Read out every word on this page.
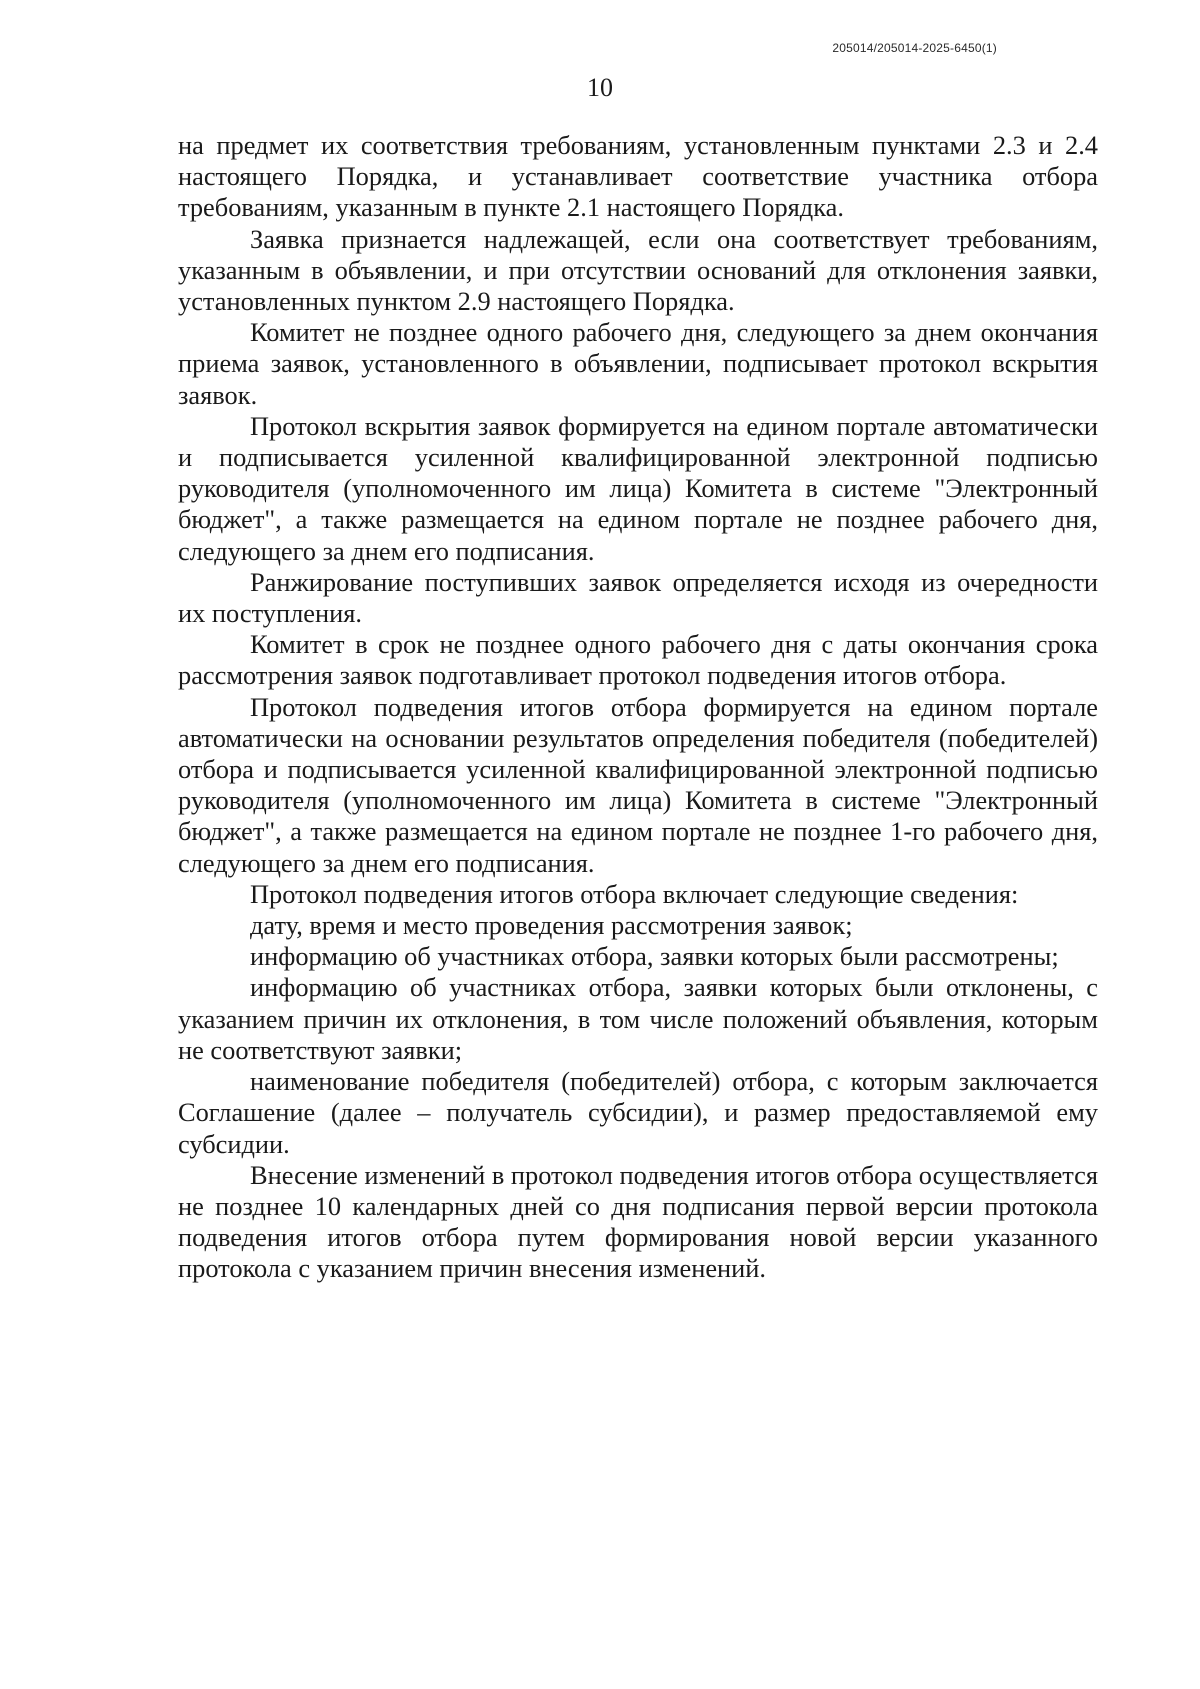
205014/205014-2025-6450(1)
10

на предмет их соответствия требованиям, установленным пунктами 2.3 и 2.4 настоящего Порядка, и устанавливает соответствие участника отбора требованиям, указанным в пункте 2.1 настоящего Порядка.

Заявка признается надлежащей, если она соответствует требованиям, указанным в объявлении, и при отсутствии оснований для отклонения заявки, установленных пунктом 2.9 настоящего Порядка.

Комитет не позднее одного рабочего дня, следующего за днем окончания приема заявок, установленного в объявлении, подписывает протокол вскрытия заявок.

Протокол вскрытия заявок формируется на едином портале автоматически и подписывается усиленной квалифицированной электронной подписью руководителя (уполномоченного им лица) Комитета в системе "Электронный бюджет", а также размещается на едином портале не позднее рабочего дня, следующего за днем его подписания.

Ранжирование поступивших заявок определяется исходя из очередности их поступления.

Комитет в срок не позднее одного рабочего дня с даты окончания срока рассмотрения заявок подготавливает протокол подведения итогов отбора.

Протокол подведения итогов отбора формируется на едином портале автоматически на основании результатов определения победителя (победителей) отбора и подписывается усиленной квалифицированной электронной подписью руководителя (уполномоченного им лица) Комитета в системе "Электронный бюджет", а также размещается на едином портале не позднее 1-го рабочего дня, следующего за днем его подписания.

Протокол подведения итогов отбора включает следующие сведения:

дату, время и место проведения рассмотрения заявок;

информацию об участниках отбора, заявки которых были рассмотрены;

информацию об участниках отбора, заявки которых были отклонены, с указанием причин их отклонения, в том числе положений объявления, которым не соответствуют заявки;

наименование победителя (победителей) отбора, с которым заключается Соглашение (далее – получатель субсидии), и размер предоставляемой ему субсидии.

Внесение изменений в протокол подведения итогов отбора осуществляется не позднее 10 календарных дней со дня подписания первой версии протокола подведения итогов отбора путем формирования новой версии указанного протокола с указанием причин внесения изменений.
